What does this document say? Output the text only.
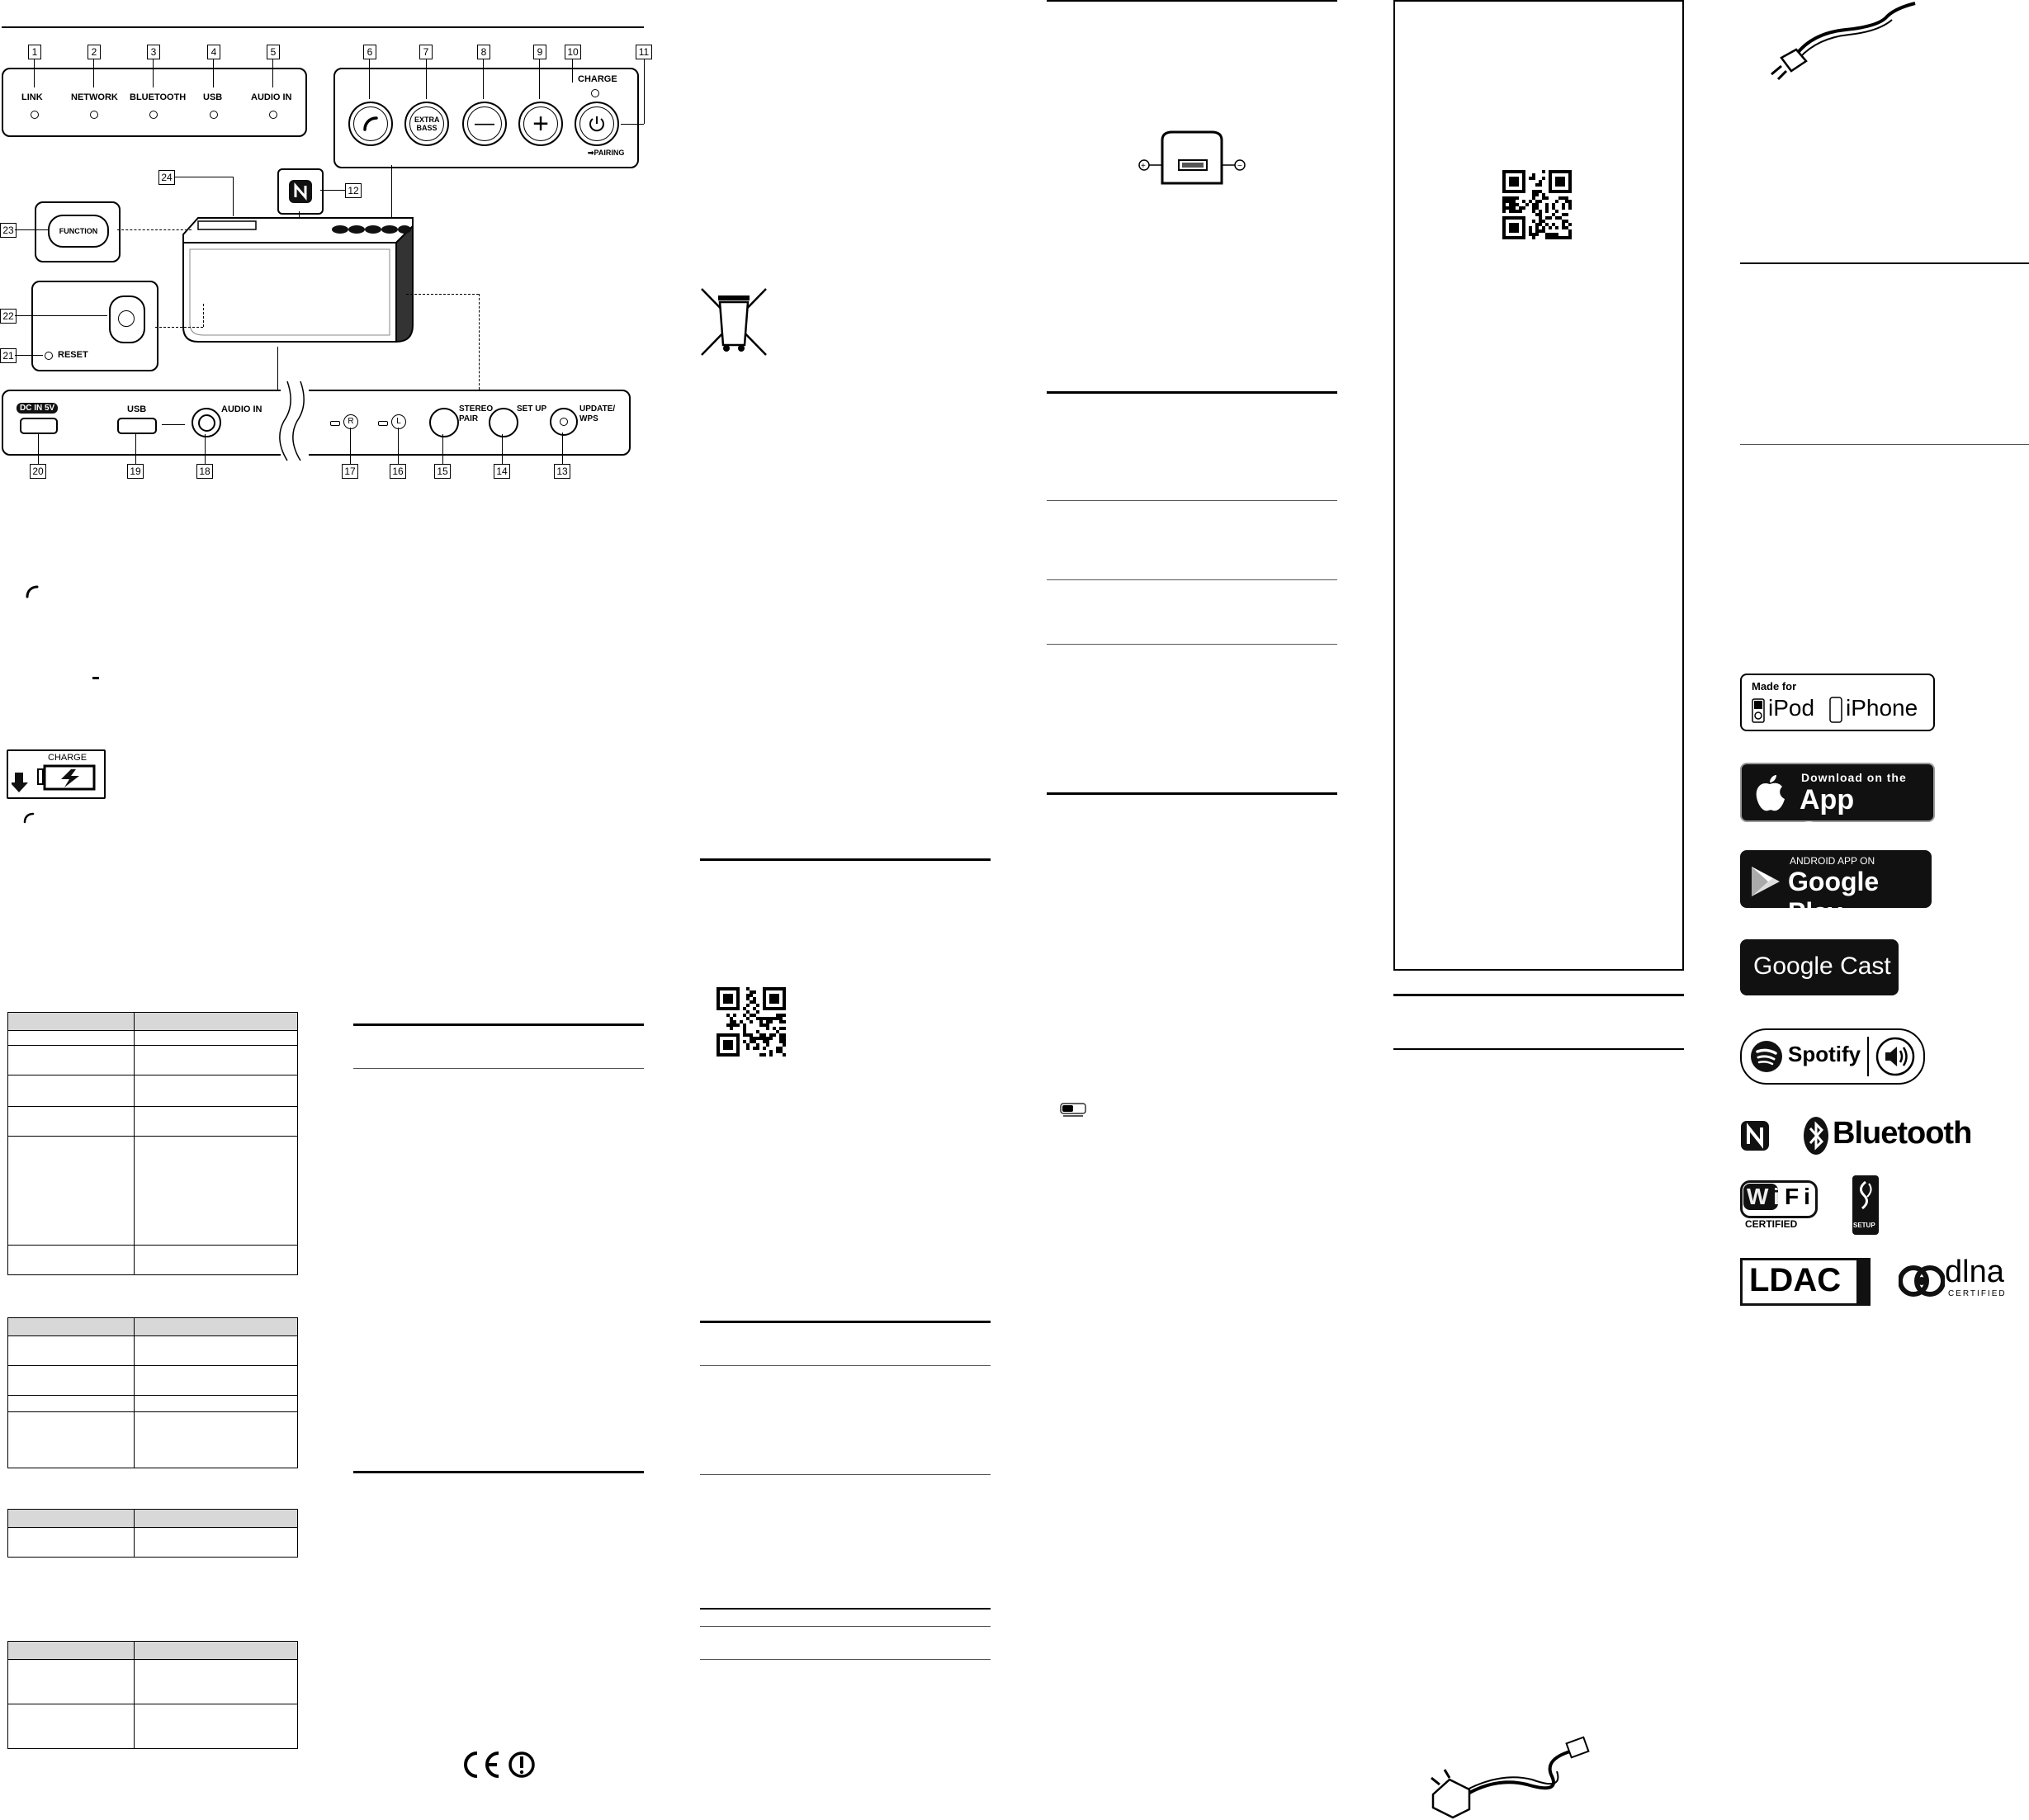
1	2	3	4	5
LINK	NETWORK BLUETOOTH USB	AUDIO IN
6	7	8	9	10	11
CHARGE
EXTRA BASS — +
➡PAIRING
24
12
23	FUNCTION
22
21	RESET
DC IN 5V	USB	AUDIO IN
R	L
STEREO PAIR
SET UP	UPDATE/ WPS
20	19	18	17	16	15	14	13
CHARGE

+	−
Made for
iPod iPhone
Download on the
App Store
ANDROID APP ON
Google Play
Google Cast
Spotify
Bluetooth
WiFi
CERTIFIED	SETUP
LDAC	dlna
CERTIFIED
